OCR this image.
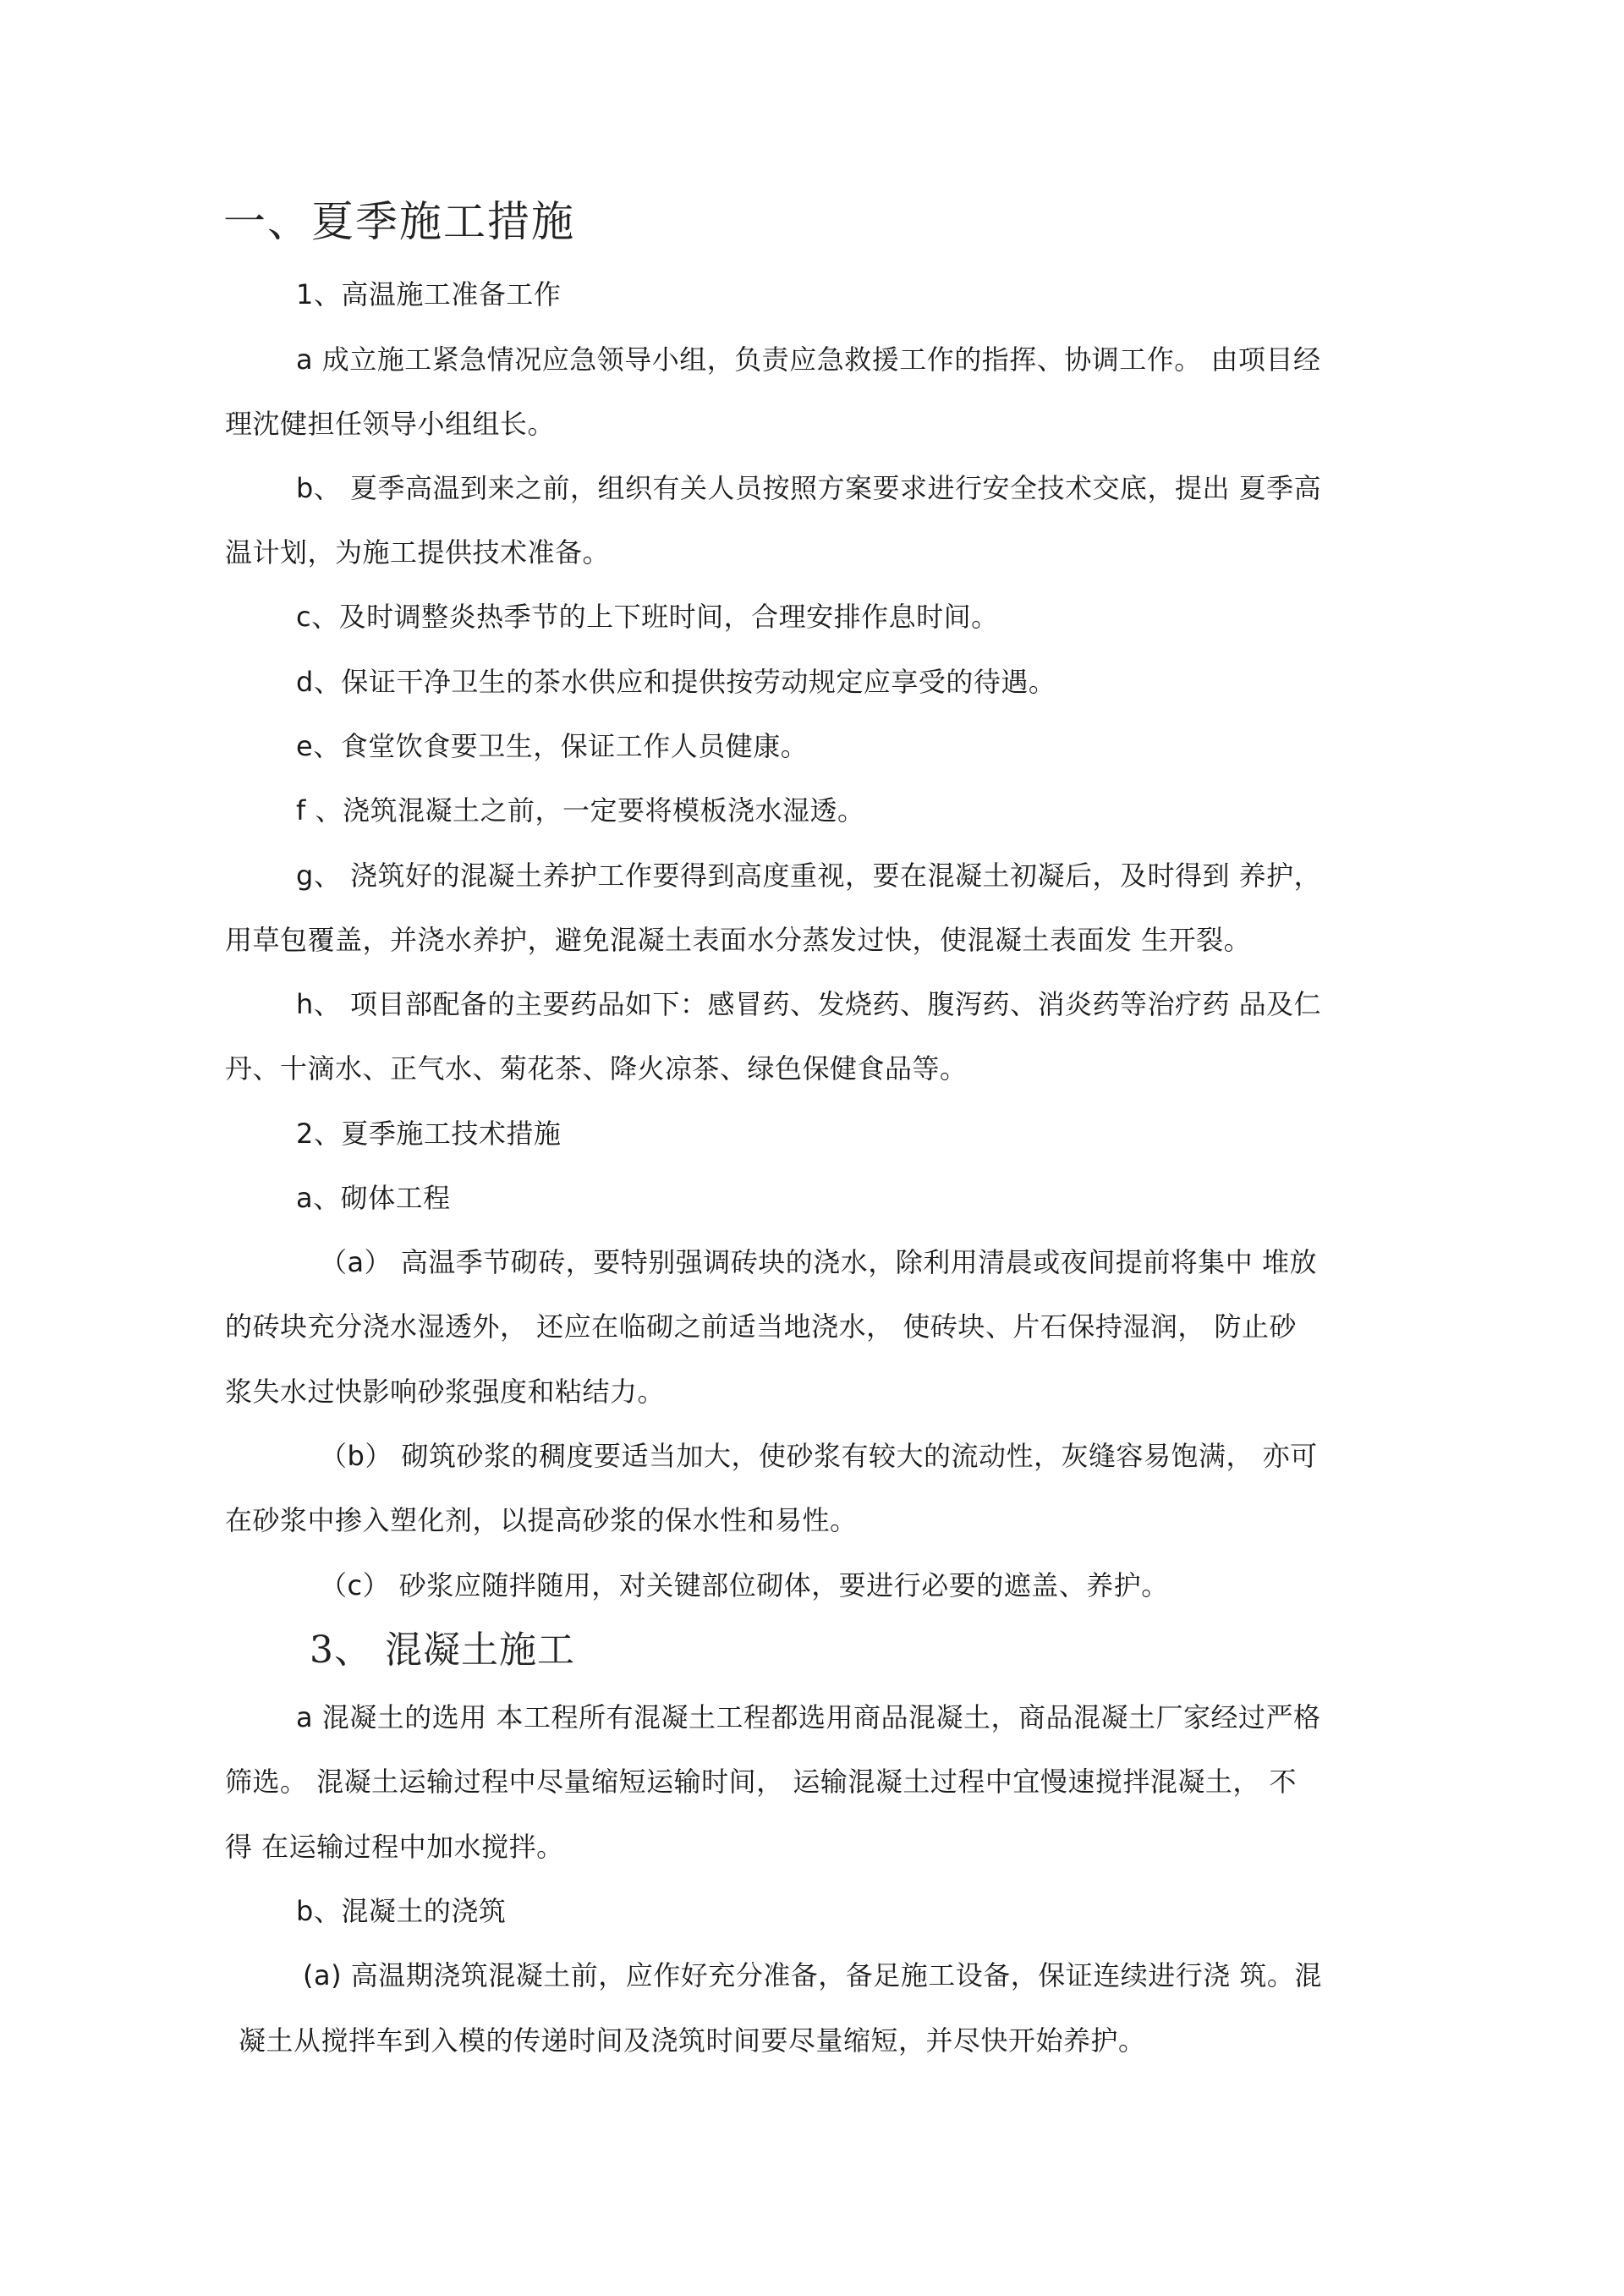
一、夏季施工措施
1、高温施工准备工作
a 成立施工紧急情况应急领导小组，负责应急救援工作的指挥、协调工作。 由项目经
理沈健担任领导小组组长。
b、 夏季高温到来之前，组织有关人员按照方案要求进行安全技术交底，提出 夏季高
温计划，为施工提供技术准备。
c、及时调整炎热季节的上下班时间，合理安排作息时间。
d、保证干净卫生的茶水供应和提供按劳动规定应享受的待遇。
e、食堂饮食要卫生，保证工作人员健康。
f 、浇筑混凝土之前，一定要将模板浇水湿透。
g、 浇筑好的混凝土养护工作要得到高度重视，要在混凝土初凝后，及时得到 养护，
用草包覆盖，并浇水养护，避免混凝土表面水分蒸发过快，使混凝土表面发 生开裂。
h、 项目部配备的主要药品如下：感冒药、发烧药、腹泻药、消炎药等治疗药 品及仁
丹、十滴水、正气水、菊花茶、降火凉茶、绿色保健食品等。
2、夏季施工技术措施
a、砌体工程
（a） 高温季节砌砖，要特别强调砖块的浇水，除利用清晨或夜间提前将集中 堆放
的砖块充分浇水湿透外， 还应在临砌之前适当地浇水， 使砖块、片石保持湿润， 防止砂
浆失水过快影响砂浆强度和粘结力。
（b） 砌筑砂浆的稠度要适当加大，使砂浆有较大的流动性，灰缝容易饱满， 亦可
在砂浆中掺入塑化剂，以提高砂浆的保水性和易性。
（c） 砂浆应随拌随用，对关键部位砌体，要进行必要的遮盖、养护。
3、 混凝土施工
a 混凝土的选用 本工程所有混凝土工程都选用商品混凝土，商品混凝土厂家经过严格
筛选。 混凝土运输过程中尽量缩短运输时间， 运输混凝土过程中宜慢速搅拌混凝土， 不
得 在运输过程中加水搅拌。
b、混凝土的浇筑
(a) 高温期浇筑混凝土前，应作好充分准备，备足施工设备，保证连续进行浇 筑。混
凝土从搅拌车到入模的传递时间及浇筑时间要尽量缩短，并尽快开始养护。
